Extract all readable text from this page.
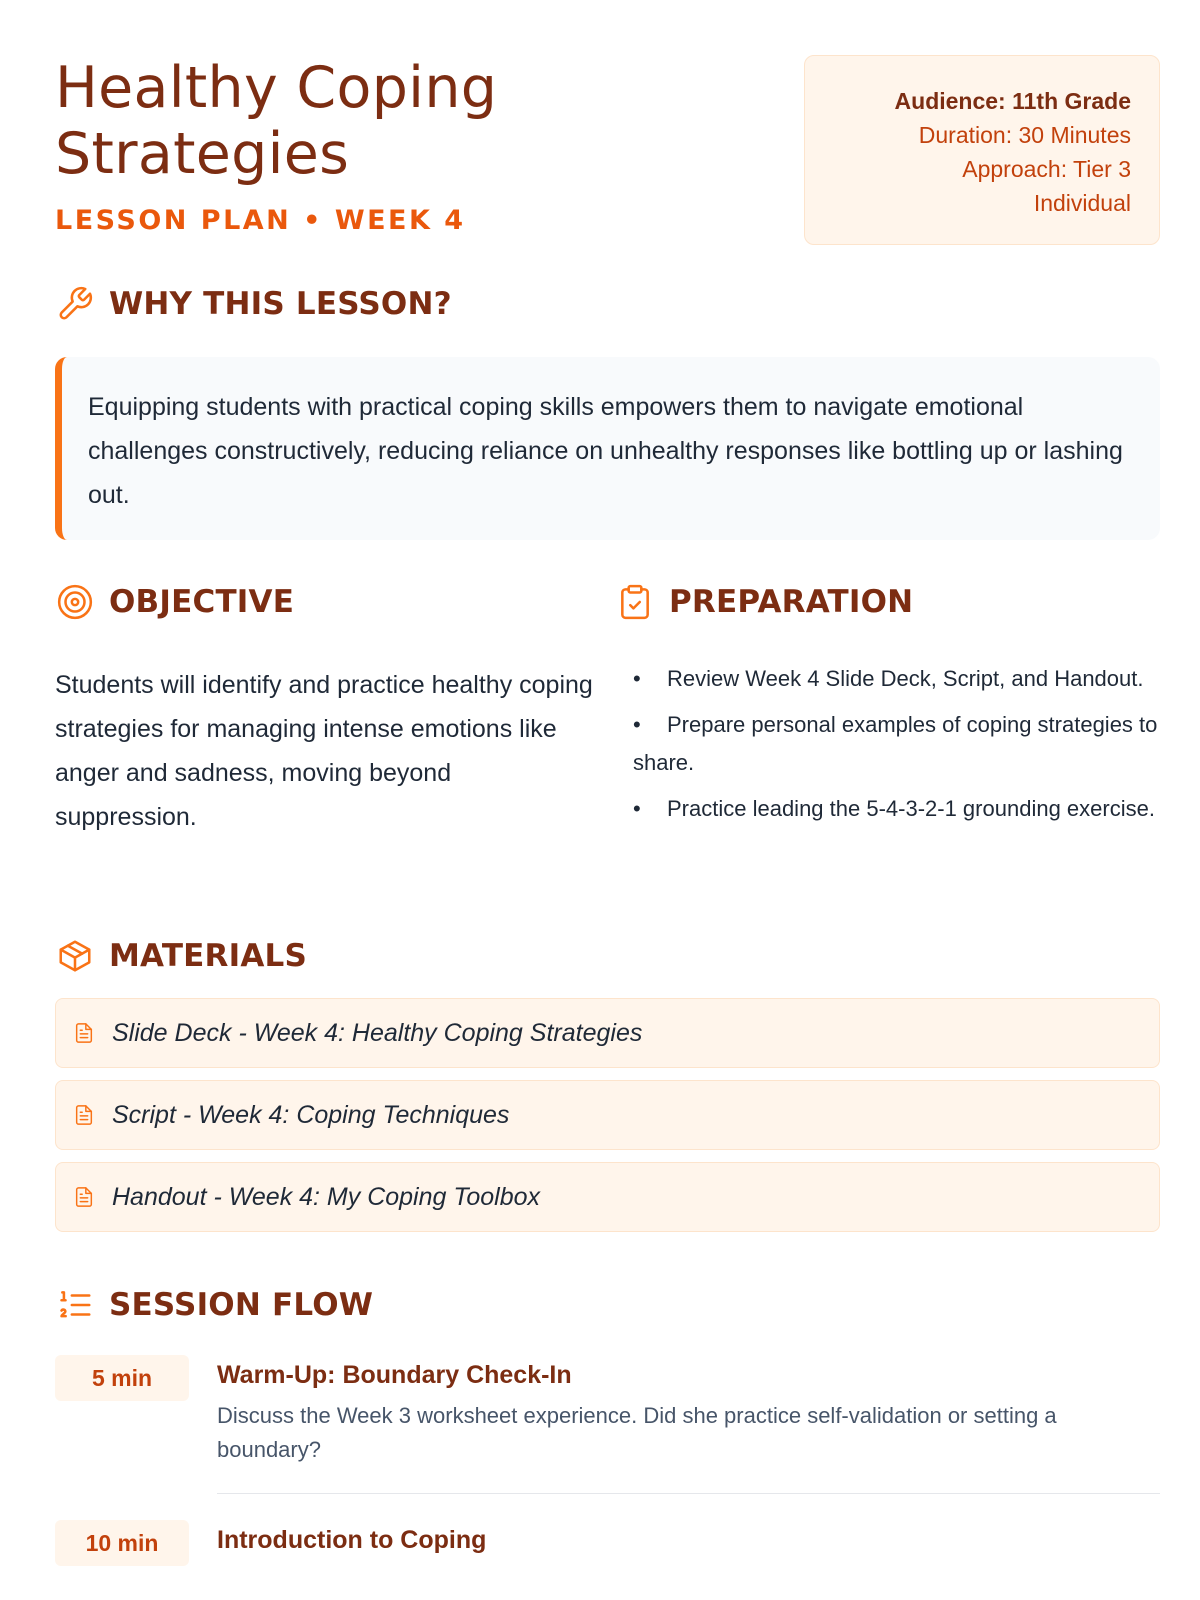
Healthy Coping Strategies
LESSON PLAN • WEEK 4
Audience: 11th Grade
Duration: 30 Minutes
Approach: Tier 3 Individual
WHY THIS LESSON?

Equipping students with practical coping skills empowers them to navigate emotional challenges constructively, reducing reliance on unhealthy responses like bottling up or lashing out.

OBJECTIVE

Students will identify and practice healthy coping strategies for managing intense emotions like anger and sadness, moving beyond suppression.

PREPARATION
• Review Week 4 Slide Deck, Script, and Handout.
• Prepare personal examples of coping strategies to share.
• Practice leading the 5-4-3-2-1 grounding exercise.
MATERIALS
Slide Deck - Week 4: Healthy Coping Strategies
Script - Week 4: Coping Techniques
Handout - Week 4: My Coping Toolbox
SESSION FLOW
5 min	Warm-Up: Boundary Check-In
Discuss the Week 3 worksheet experience. Did she practice self-validation or setting a boundary?
10 min	Introduction to Coping
